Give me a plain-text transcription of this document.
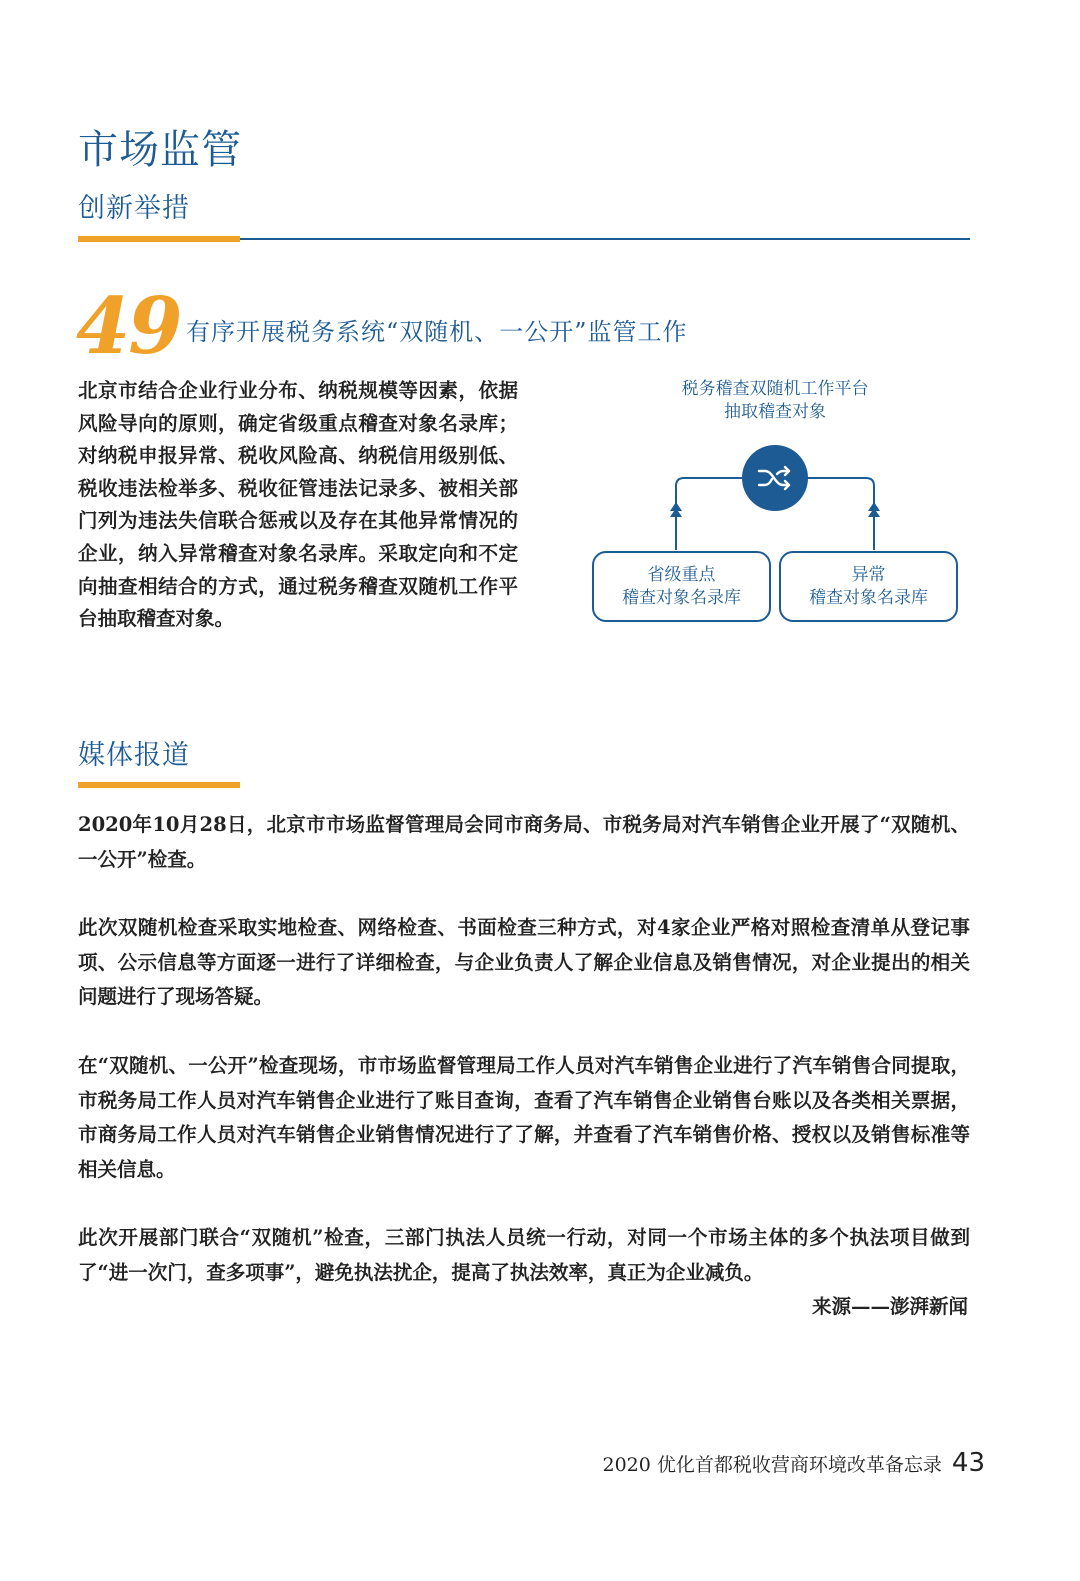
市场监管
创新举措
49 有序开展税务系统“双随机、一公开”监管工作
北京市结合企业行业分布、纳税规模等因素，依据风险导向的原则，确定省级重点稽查对象名录库；对纳税申报异常、税收风险高、纳税信用级别低、税收违法检举多、税收征管违法记录多、被相关部门列为违法失信联合惩戒以及存在其他异常情况的企业，纳入异常稽查对象名录库。采取定向和不定向抽查相结合的方式，通过税务稽查双随机工作平台抽取稽查对象。
税务稽查双随机工作平台
抽取稽查对象
省级重点
稽查对象名录库
异常
稽查对象名录库
媒体报道
2020年10月28日，北京市市场监督管理局会同市商务局、市税务局对汽车销售企业开展了“双随机、一公开”检查。
此次双随机检查采取实地检查、网络检查、书面检查三种方式，对4家企业严格对照检查清单从登记事项、公示信息等方面逐一进行了详细检查，与企业负责人了解企业信息及销售情况，对企业提出的相关问题进行了现场答疑。
在“双随机、一公开”检查现场，市市场监督管理局工作人员对汽车销售企业进行了汽车销售合同提取，市税务局工作人员对汽车销售企业进行了账目查询，查看了汽车销售企业销售台账以及各类相关票据，市商务局工作人员对汽车销售企业销售情况进行了了解，并查看了汽车销售价格、授权以及销售标准等相关信息。
此次开展部门联合“双随机”检查，三部门执法人员统一行动，对同一个市场主体的多个执法项目做到了“进一次门，查多项事”，避免执法扰企，提高了执法效率，真正为企业减负。
来源——澎湃新闻
2020 优化首都税收营商环境改革备忘录 43
